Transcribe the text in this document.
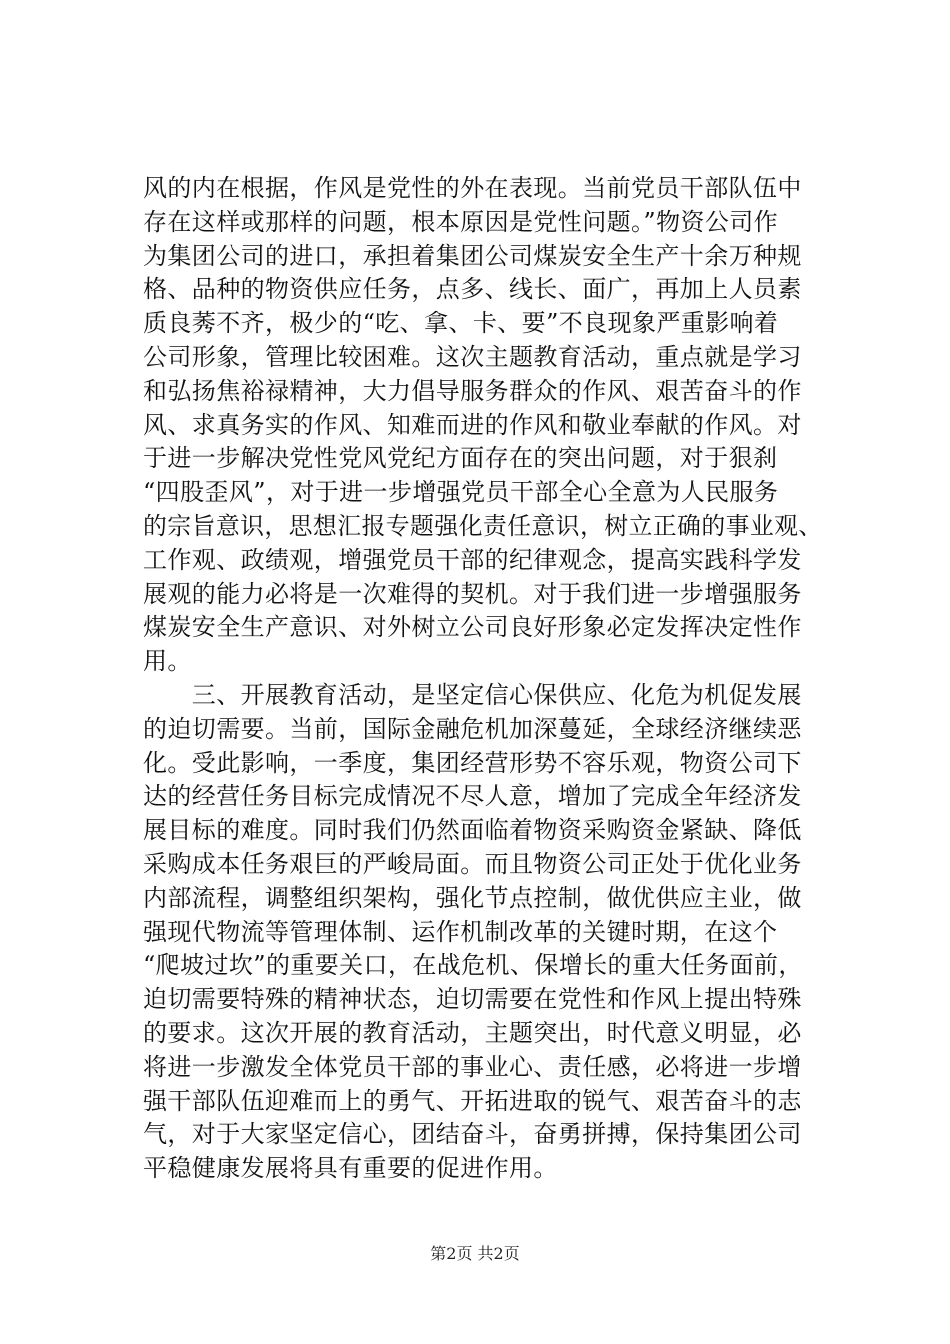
风的内在根据，作风是党性的外在表现。当前党员干部队伍中
存在这样或那样的问题，根本原因是党性问题。”物资公司作
为集团公司的进口，承担着集团公司煤炭安全生产十余万种规
格、品种的物资供应任务，点多、线长、面广，再加上人员素
质良莠不齐，极少的“吃、拿、卡、要”不良现象严重影响着
公司形象，管理比较困难。这次主题教育活动，重点就是学习
和弘扬焦裕禄精神，大力倡导服务群众的作风、艰苦奋斗的作
风、求真务实的作风、知难而进的作风和敬业奉献的作风。对
于进一步解决党性党风党纪方面存在的突出问题，对于狠刹
“四股歪风”，对于进一步增强党员干部全心全意为人民服务
的宗旨意识，思想汇报专题强化责任意识，树立正确的事业观、
工作观、政绩观，增强党员干部的纪律观念，提高实践科学发
展观的能力必将是一次难得的契机。对于我们进一步增强服务
煤炭安全生产意识、对外树立公司良好形象必定发挥决定性作
用。
　　三、开展教育活动，是坚定信心保供应、化危为机促发展
的迫切需要。当前，国际金融危机加深蔓延，全球经济继续恶
化。受此影响，一季度，集团经营形势不容乐观，物资公司下
达的经营任务目标完成情况不尽人意，增加了完成全年经济发
展目标的难度。同时我们仍然面临着物资采购资金紧缺、降低
采购成本任务艰巨的严峻局面。而且物资公司正处于优化业务
内部流程，调整组织架构，强化节点控制，做优供应主业，做
强现代物流等管理体制、运作机制改革的关键时期，在这个
“爬坡过坎”的重要关口，在战危机、保增长的重大任务面前，
迫切需要特殊的精神状态，迫切需要在党性和作风上提出特殊
的要求。这次开展的教育活动，主题突出，时代意义明显，必
将进一步激发全体党员干部的事业心、责任感，必将进一步增
强干部队伍迎难而上的勇气、开拓进取的锐气、艰苦奋斗的志
气，对于大家坚定信心，团结奋斗，奋勇拼搏，保持集团公司
平稳健康发展将具有重要的促进作用。
第2页 共2页
